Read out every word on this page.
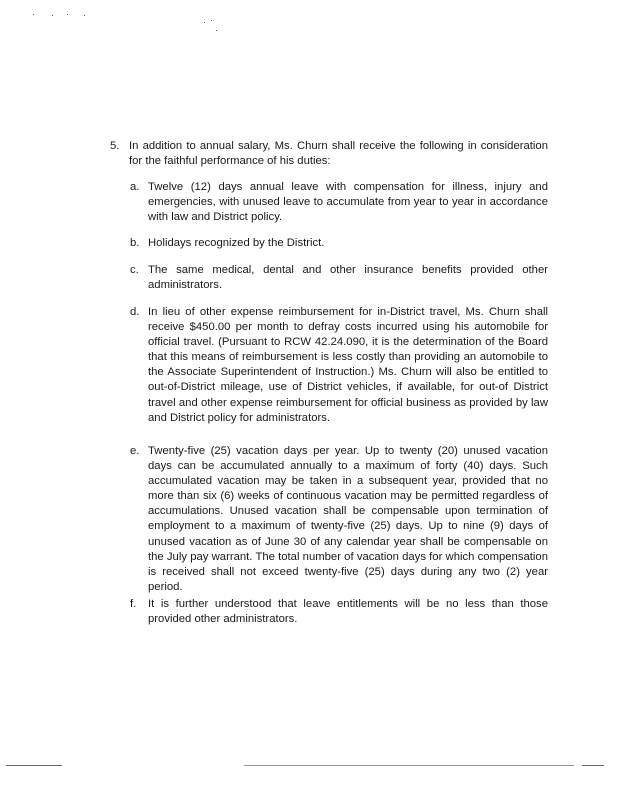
5. In addition to annual salary, Ms. Churn shall receive the following in consideration for the faithful performance of his duties:
a. Twelve (12) days annual leave with compensation for illness, injury and emergencies, with unused leave to accumulate from year to year in accordance with law and District policy.
b. Holidays recognized by the District.
c. The same medical, dental and other insurance benefits provided other administrators.
d. In lieu of other expense reimbursement for in-District travel, Ms. Churn shall receive $450.00 per month to defray costs incurred using his automobile for official travel. (Pursuant to RCW 42.24.090, it is the determination of the Board that this means of reimbursement is less costly than providing an automobile to the Associate Superintendent of Instruction.) Ms. Churn will also be entitled to out-of-District mileage, use of District vehicles, if available, for out-of District travel and other expense reimbursement for official business as provided by law and District policy for administrators.
e. Twenty-five (25) vacation days per year. Up to twenty (20) unused vacation days can be accumulated annually to a maximum of forty (40) days. Such accumulated vacation may be taken in a subsequent year, provided that no more than six (6) weeks of continuous vacation may be permitted regardless of accumulations. Unused vacation shall be compensable upon termination of employment to a maximum of twenty-five (25) days. Up to nine (9) days of unused vacation as of June 30 of any calendar year shall be compensable on the July pay warrant. The total number of vacation days for which compensation is received shall not exceed twenty-five (25) days during any two (2) year period.
f. It is further understood that leave entitlements will be no less than those provided other administrators.
